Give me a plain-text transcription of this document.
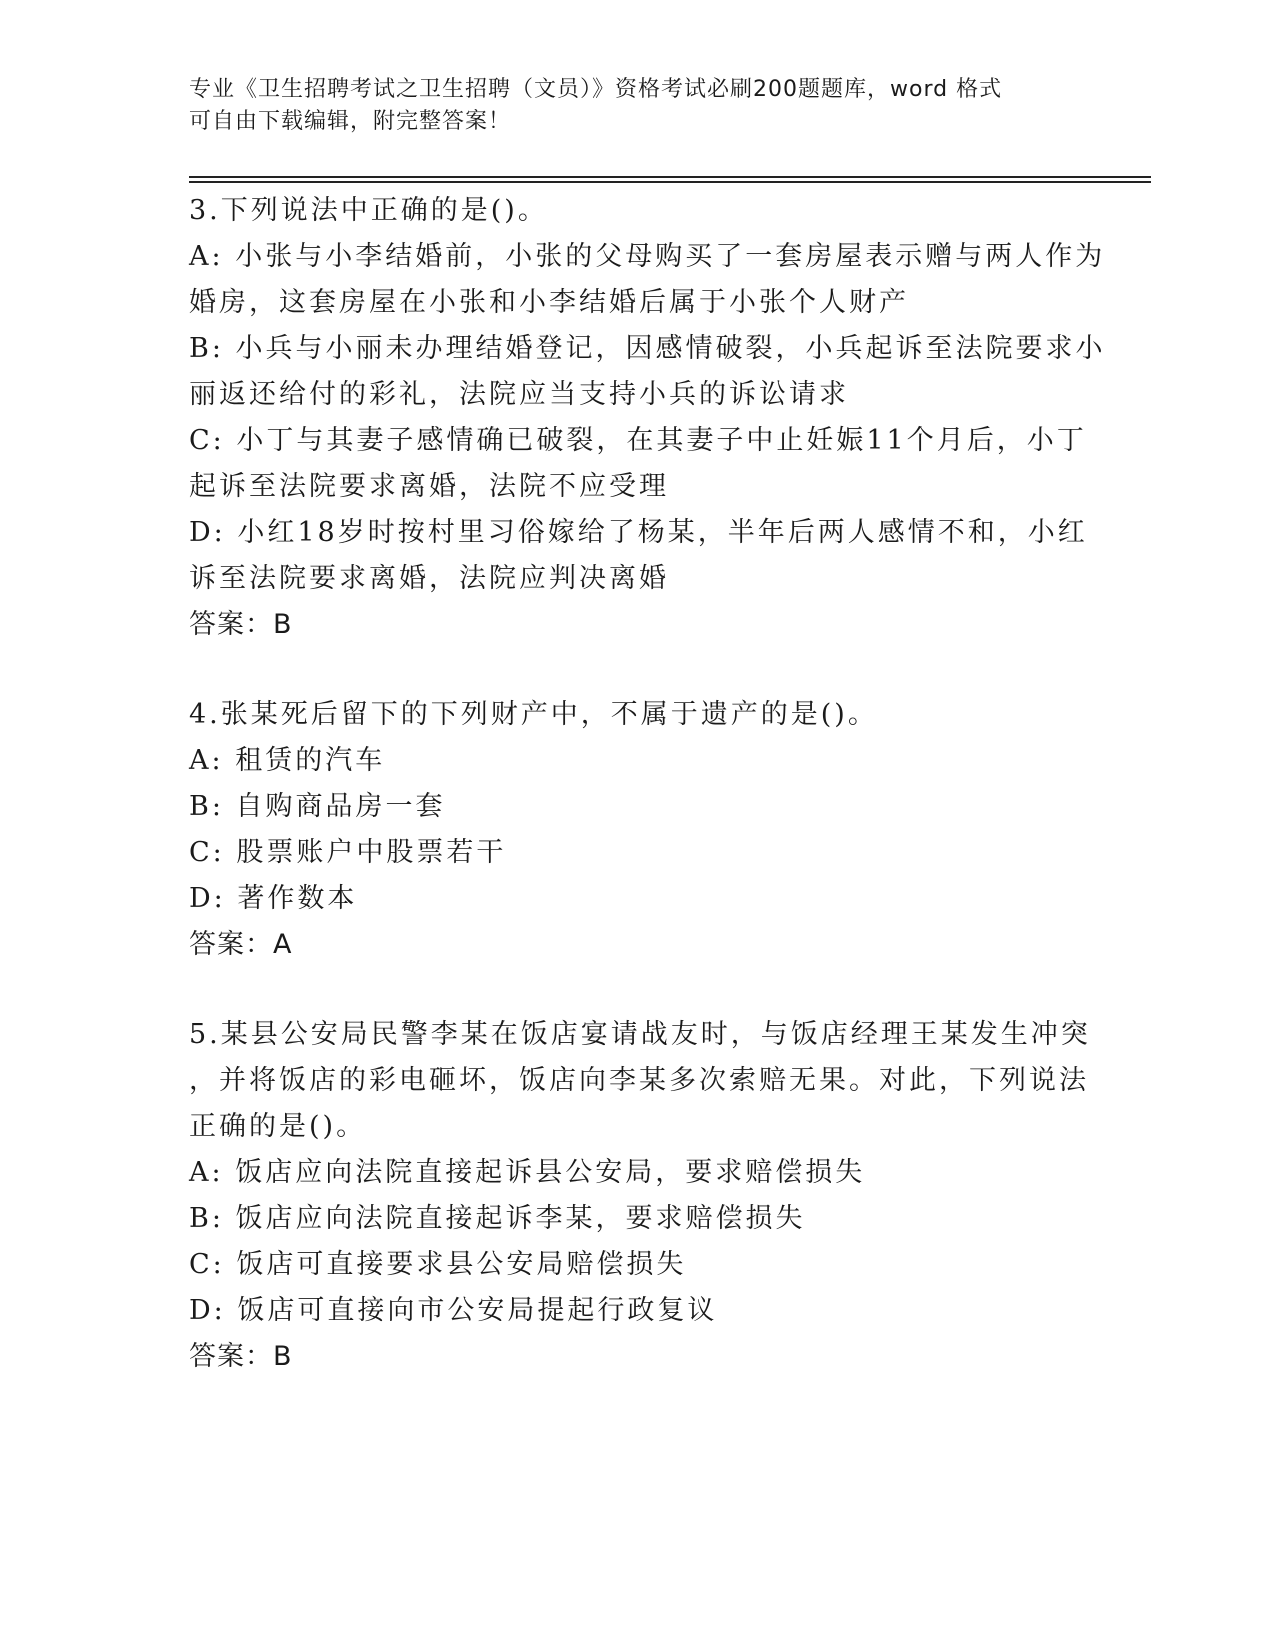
专业《卫生招聘考试之卫生招聘（文员）》资格考试必刷200题题库，word 格式
可自由下载编辑，附完整答案！
3.下列说法中正确的是()。
A: 小张与小李结婚前，小张的父母购买了一套房屋表示赠与两人作为
婚房，这套房屋在小张和小李结婚后属于小张个人财产
B: 小兵与小丽未办理结婚登记，因感情破裂，小兵起诉至法院要求小
丽返还给付的彩礼，法院应当支持小兵的诉讼请求
C: 小丁与其妻子感情确已破裂，在其妻子中止妊娠11个月后，小丁
起诉至法院要求离婚，法院不应受理
D: 小红18岁时按村里习俗嫁给了杨某，半年后两人感情不和，小红
诉至法院要求离婚，法院应判决离婚
答案：B
4.张某死后留下的下列财产中，不属于遗产的是()。
A: 租赁的汽车
B: 自购商品房一套
C: 股票账户中股票若干
D: 著作数本
答案：A
5.某县公安局民警李某在饭店宴请战友时，与饭店经理王某发生冲突
，并将饭店的彩电砸坏，饭店向李某多次索赔无果。对此，下列说法
正确的是()。
A: 饭店应向法院直接起诉县公安局，要求赔偿损失
B: 饭店应向法院直接起诉李某，要求赔偿损失
C: 饭店可直接要求县公安局赔偿损失
D: 饭店可直接向市公安局提起行政复议
答案：B
